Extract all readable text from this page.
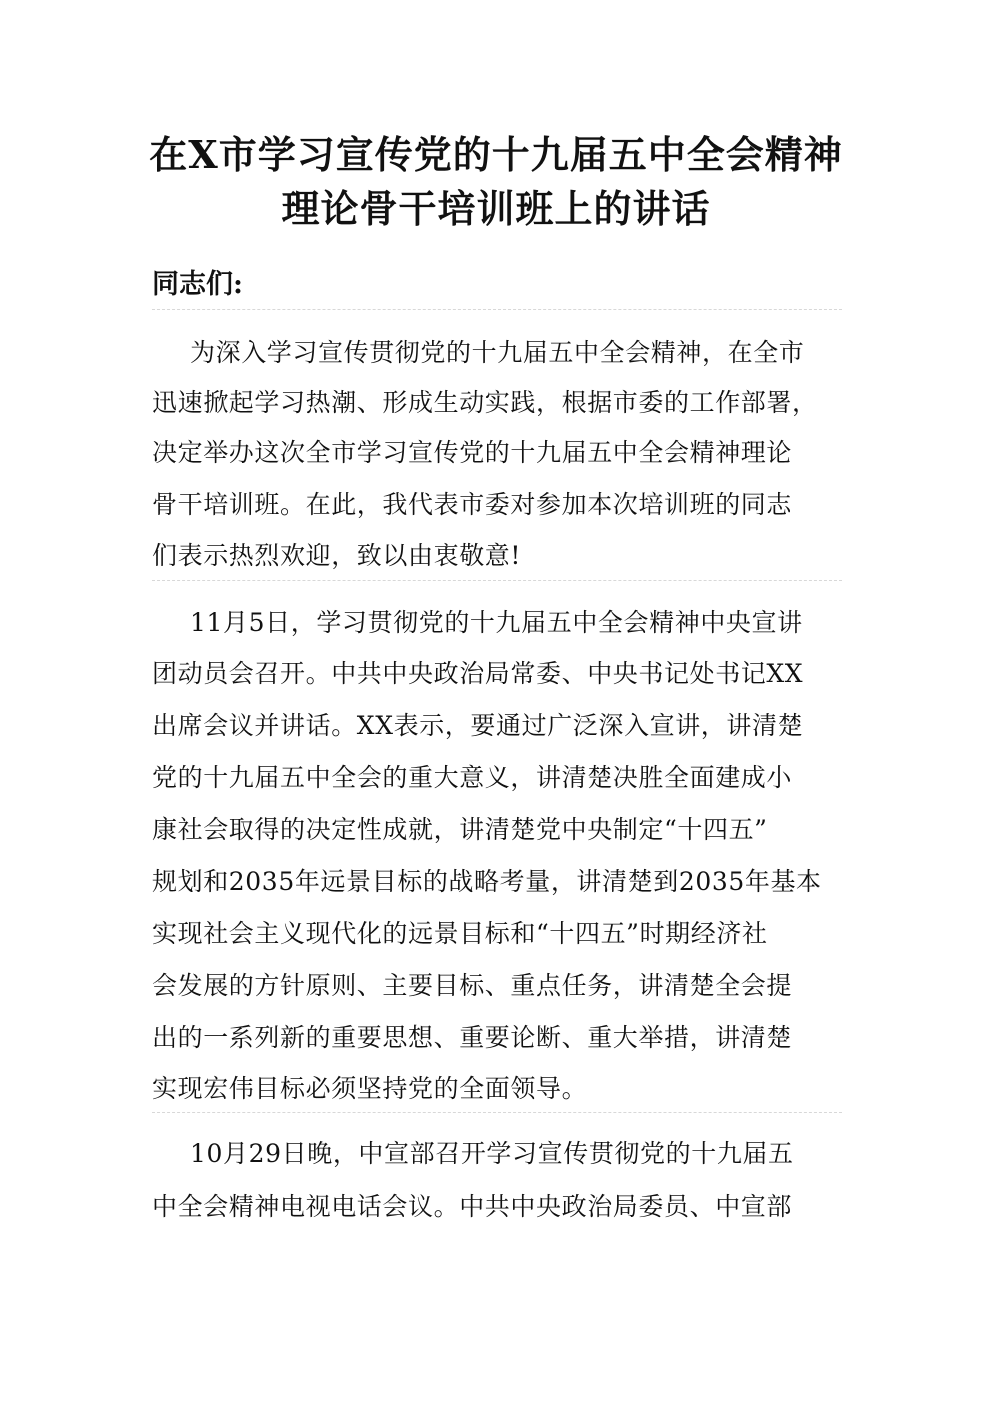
在X市学习宣传党的十九届五中全会精神
理论骨干培训班上的讲话
同志们:
为深入学习宣传贯彻党的十九届五中全会精神，在全市
迅速掀起学习热潮、形成生动实践，根据市委的工作部署，
决定举办这次全市学习宣传党的十九届五中全会精神理论
骨干培训班。在此，我代表市委对参加本次培训班的同志
们表示热烈欢迎，致以由衷敬意!
11月5日，学习贯彻党的十九届五中全会精神中央宣讲
团动员会召开。中共中央政治局常委、中央书记处书记XX
出席会议并讲话。XX表示，要通过广泛深入宣讲，讲清楚
党的十九届五中全会的重大意义，讲清楚决胜全面建成小
康社会取得的决定性成就，讲清楚党中央制定“十四五”
规划和2035年远景目标的战略考量，讲清楚到2035年基本
实现社会主义现代化的远景目标和“十四五”时期经济社
会发展的方针原则、主要目标、重点任务，讲清楚全会提
出的一系列新的重要思想、重要论断、重大举措，讲清楚
实现宏伟目标必须坚持党的全面领导。
10月29日晚，中宣部召开学习宣传贯彻党的十九届五
中全会精神电视电话会议。中共中央政治局委员、中宣部
